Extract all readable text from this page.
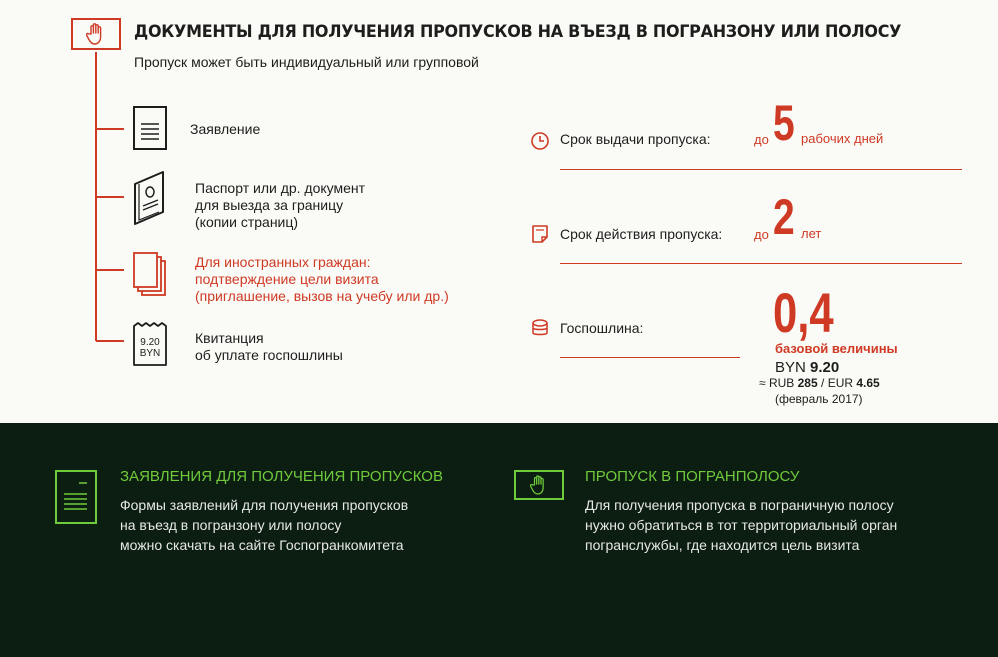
ДОКУМЕНТЫ ДЛЯ ПОЛУЧЕНИЯ ПРОПУСКОВ НА ВЪЕЗД В ПОГРАНЗОНУ ИЛИ ПОЛОСУ
Пропуск может быть индивидуальный или групповой
Заявление
Паспорт или др. документ
для выезда за границу
(копии страниц)
Для иностранных граждан:
подтверждение цели визита
(приглашение, вызов на учебу или др.)
9.20
BYN
Квитанция
об уплате госпошлины
Срок выдачи пропуска:	до 5 рабочих дней
Срок действия пропуска: до 2 лет
Госпошлина: 0,4
базовой величины
BYN 9.20
≈ RUB 285 / EUR 4.65
(февраль 2017)
ЗАЯВЛЕНИЯ ДЛЯ ПОЛУЧЕНИЯ ПРОПУСКОВ
Формы заявлений для получения пропусков
на въезд в погранзону или полосу
можно скачать на сайте Госпогранкомитета
ПРОПУСК В ПОГРАНПОЛОСУ
Для получения пропуска в пограничную полосу
нужно обратиться в тот территориальный орган
погранслужбы, где находится цель визита
